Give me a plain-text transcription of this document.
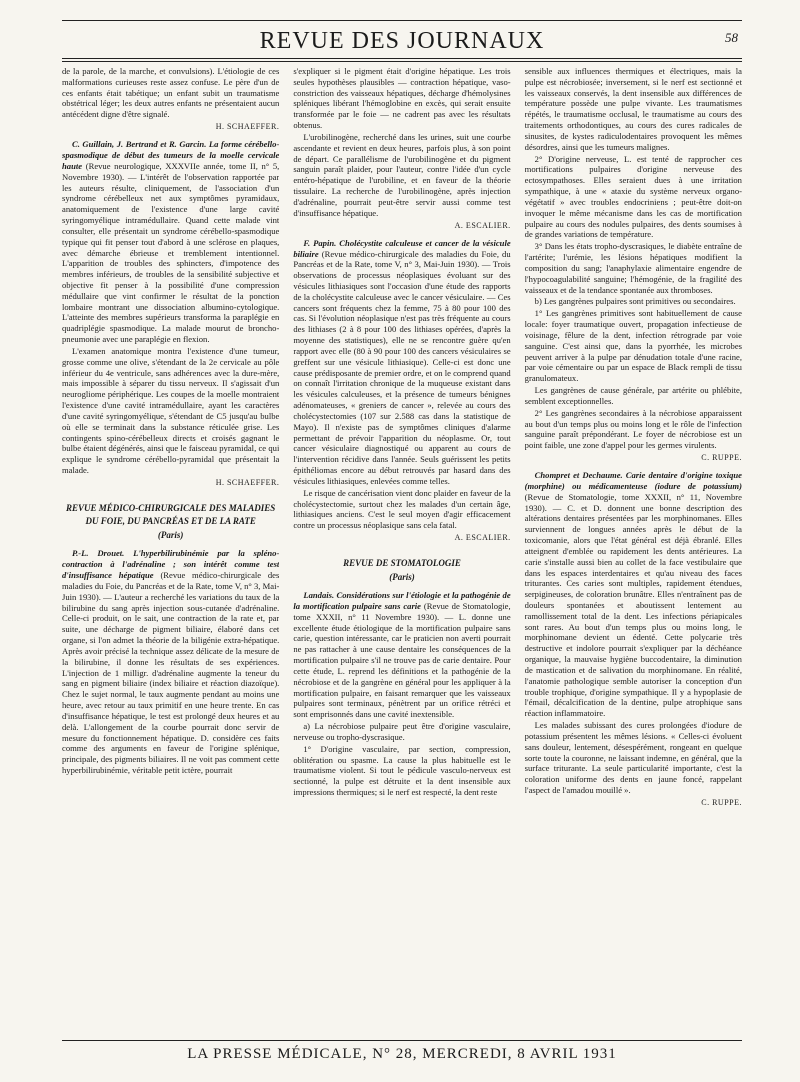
REVUE DES JOURNAUX	58

de la parole, de la marche, et convulsions). L'étiologie de ces malformations curieuses reste assez confuse. Le père d'un de ces enfants était tabétique; un enfant subit un traumatisme obstétrical léger; les deux autres enfants ne présentaient aucun antécédent digne d'être signalé.

H. SCHAEFFER.

C. Guillain, J. Bertrand et R. Garcin. La forme cérébello-spasmodique de début des tumeurs de la moelle cervicale haute (Revue neurologique, XXXVIIe année, tome II, n° 5, Novembre 1930). — L'intérêt de l'observation rapportée par les auteurs résulte, cliniquement, de l'association d'un syndrome cérébelleux net aux symptômes pyramidaux, anatomiquement de l'existence d'une large cavité syringomyélique intramédullaire. Quand cette malade vint consulter, elle présentait un syndrome cérébello-spasmodique typique qui fit penser tout d'abord à une sclérose en plaques, avec démarche ébrieuse et tremblement intentionnel. L'apparition de troubles des sphincters, d'impotence des membres inférieurs, de troubles de la sensibilité subjective et objective fit penser à la possibilité d'une compression médullaire que vint confirmer le résultat de la ponction lombaire montrant une dissociation albumino-cytologique. L'atteinte des membres supérieurs transforma la paraplégie en quadriplégie spasmodique. La malade mourut de broncho-pneumonie avec une paraplégie en flexion.

L'examen anatomique montra l'existence d'une tumeur, grosse comme une olive, s'étendant de la 2e cervicale au pôle inférieur du 4e ventricule, sans adhérences avec la dure-mère, mais impossible à séparer du tissu nerveux. Il s'agissait d'un neurogliome périphérique. Les coupes de la moelle montraient l'existence d'une cavité intramédullaire, ayant les caractères d'une cavité syringomyélique, s'étendant de C5 jusqu'au bulbe où elle se terminait dans la substance réticulée grise. Les contingents spino-cérébelleux directs et croisés gagnant le bulbe étaient dégénérés, ainsi que le faisceau pyramidal, ce qui explique le syndrome cérébello-pyramidal que présentait la malade.

H. SCHAEFFER.
REVUE MÉDICO-CHIRURGICALE DES MALADIES DU FOIE, DU PANCRÉAS ET DE LA RATE
(Paris)

P.-L. Drouet. L'hyperbilirubinémie par la spléno-contraction à l'adrénaline ; son intérêt comme test d'insuffisance hépatique (Revue médico-chirurgicale des maladies du Foie, du Pancréas et de la Rate, tome V, n° 3, Mai-Juin 1930). — L'auteur a recherché les variations du taux de la bilirubine du sang après injection sous-cutanée d'adrénaline. Celle-ci produit, on le sait, une contraction de la rate et, par suite, une décharge de pigment biliaire, élaboré dans cet organe, si l'on admet la théorie de la biligénie extra-hépatique. Après avoir précisé la technique assez délicate de la mesure de la bilirubine, il donne les résultats de ses expériences. L'injection de 1 milligr. d'adrénaline augmente la teneur du sang en pigment biliaire (index biliaire et réaction diazoïque). Chez le sujet normal, le taux augmente pendant au moins une heure, avec retour au taux primitif en une heure trente. En cas d'insuffisance hépatique, le test est prolongé deux heures et au delà. L'allongement de la courbe pourrait donc servir de mesure du fonctionnement hépatique. D. considère ces faits comme des arguments en faveur de l'origine splénique, principale, des pigments biliaires. Il ne voit pas comment cette hyperbilirubinémie, véritable petit ictère, pourrait

s'expliquer si le pigment était d'origine hépatique. Les trois seules hypothèses plausibles — contraction hépatique, vaso-constriction des vaisseaux hépatiques, décharge d'hémolysines spléniques libérant l'hémoglobine en excès, qui serait ensuite transformée par le foie — ne cadrent pas avec les résultats obtenus.

L'urobilinogène, recherché dans les urines, suit une courbe ascendante et revient en deux heures, parfois plus, à son point de départ. Ce parallélisme de l'urobilinogène et du pigment sanguin paraît plaider, pour l'auteur, contre l'idée d'un cycle entéro-hépatique de l'urobiline, et en faveur de la théorie tissulaire. La recherche de l'urobilinogène, après injection d'adrénaline, pourrait peut-être servir aussi comme test d'insuffisance hépatique.

A. ESCALIER.

F. Papin. Cholécystite calculeuse et cancer de la vésicule biliaire (Revue médico-chirurgicale des maladies du Foie, du Pancréas et de la Rate, tome V, n° 3, Mai-Juin 1930). — Trois observations de processus néoplasiques évoluant sur des vésicules lithiasiques sont l'occasion d'une étude des rapports de la cholécystite calculeuse avec le cancer vésiculaire. — Ces cancers sont fréquents chez la femme, 75 à 80 pour 100 des cas. Si l'évolution néoplasique n'est pas très fréquente au cours des lithiases (2 à 8 pour 100 des lithiases opérées, d'après la moyenne des statistiques), elle ne se rencontre guère qu'en rapport avec elle (80 à 90 pour 100 des cancers vésiculaires se greffent sur une vésicule lithiasique). Celle-ci est donc une cause prédisposante de premier ordre, et on le comprend quand on connaît l'irritation chronique de la muqueuse existant dans les vésicules calculeuses, et la présence de tumeurs bénignes adénomateuses, « greniers de cancer », relevée au cours des cholécystectomies (107 sur 2.588 cas dans la statistique de Mayo). Il n'existe pas de symptômes cliniques d'alarme permettant de prévoir l'apparition du néoplasme. Or, tout cancer vésiculaire diagnostiqué ou apparent au cours de l'intervention récidive dans l'année. Seuls guérissent les petits épithéliomas encore au début retrouvés par hasard dans des vésicules lithiasiques, enlevées comme telles.

Le risque de cancérisation vient donc plaider en faveur de la cholécystectomie, surtout chez les malades d'un certain âge, lithiasiques anciens. C'est le seul moyen d'agir efficacement contre un processus néoplasique sans cela fatal.

A. ESCALIER.
REVUE DE STOMATOLOGIE
(Paris)

Landais. Considérations sur l'étiologie et la pathogénie de la mortification pulpaire sans carie (Revue de Stomatologie, tome XXXII, n° 11 Novembre 1930). — L. donne une excellente étude étiologique de la mortification pulpaire sans carie, question intéressante, car le praticien non averti pourrait ne pas rattacher à une cause dentaire les conséquences de la mortification pulpaire s'il ne trouve pas de carie dentaire. Pour cette étude, L. reprend les définitions et la pathogénie de la nécrobiose et de la gangrène en général pour les appliquer à la mortification pulpaire, en faisant remarquer que les vaisseaux pulpaires sont terminaux, pénètrent par un orifice rétréci et sont emprisonnés dans une cavité inextensible.

a) La nécrobiose pulpaire peut être d'origine vasculaire, nerveuse ou tropho-dyscrasique.

1° D'origine vasculaire, par section, compression, oblitération ou spasme. La cause la plus habituelle est le traumatisme violent. Si tout le pédicule vasculo-nerveux est sectionné, la pulpe est détruite et la dent insensible aux impressions thermiques; si le nerf est respecté, la dent reste

sensible aux influences thermiques et électriques, mais la pulpe est nécrobiosée; inversement, si le nerf est sectionné et les vaisseaux conservés, la dent insensible aux différences de température possède une pulpe vivante. Les traumatismes répétés, le traumatisme occlusal, le traumatisme au cours des traitements orthodontiques, au cours des cures radicales de sinusites, de kystes radiculodentaires provoquent les mêmes désordres, ainsi que les tumeurs malignes.

2° D'origine nerveuse, L. est tenté de rapprocher ces mortifications pulpaires d'origine nerveuse des ectosympathoses. Elles seraient dues à une irritation sympathique, à une « ataxie du système nerveux organo-végétatif » avec troubles endocriniens ; peut-être doit-on invoquer le même mécanisme dans les cas de mortification pulpaire au cours des nodules pulpaires, des dents soumises à de grandes variations de température.

3° Dans les états tropho-dyscrasiques, le diabète entraîne de l'artérite; l'urémie, les lésions hépatiques modifient la composition du sang; l'anaphylaxie alimentaire engendre de l'hypocoagulabilité sanguine; l'hémogénie, de la fragilité des vaisseaux et de la tendance spontanée aux thromboses.

b) Les gangrènes pulpaires sont primitives ou secondaires.

1° Les gangrènes primitives sont habituellement de cause locale: foyer traumatique ouvert, propagation infectieuse de voisinage, fêlure de la dent, infection rétrograde par voie sanguine. C'est ainsi que, dans la pyorrhée, les microbes peuvent arriver à la pulpe par dénudation totale d'une racine, par voie cémentaire ou par un espace de Black rempli de tissu granulomateux.

Les gangrènes de cause générale, par artérite ou phlébite, semblent exceptionnelles.

2° Les gangrènes secondaires à la nécrobiose apparaissent au bout d'un temps plus ou moins long et le rôle de l'infection sanguine paraît prépondérant. Le foyer de nécrobiose est un point faible, une zone d'appel pour les germes virulents.

C. RUPPE.

Chompret et Dechaume. Carie dentaire d'origine toxique (morphine) ou médicamenteuse (iodure de potassium) (Revue de Stomatologie, tome XXXII, n° 11, Novembre 1930). — C. et D. donnent une bonne description des altérations dentaires présentées par les morphinomanes. Elles surviennent de longues années après le début de la toxicomanie, alors que l'état général est déjà ébranlé. Elles atteignent d'emblée ou rapidement les dents antérieures. La carie s'installe aussi bien au collet de la face vestibulaire que dans les espaces interdentaires et qu'au niveau des faces triturantes. Ces caries sont multiples, rapidement étendues, serpigineuses, de coloration brunâtre. Elles n'entraînent pas de douleurs spontanées et aboutissent lentement au ramollissement total de la dent. Les infections périapicales sont rares. Au bout d'un temps plus ou moins long, le morphinomane devient un édenté. Cette polycarie très destructive et indolore pourrait s'expliquer par la déchéance organique, la mauvaise hygiène buccodentaire, la diminution de mastication et de salivation du morphinomane. En réalité, l'anatomie pathologique semble autoriser la conception d'un trouble trophique, d'origine sympathique. Il y a hypoplasie de l'émail, décalcification de la dentine, pulpe atrophique sans réaction inflammatoire.

Les malades subissant des cures prolongées d'iodure de potassium présentent les mêmes lésions. « Celles-ci évoluent sans douleur, lentement, désespérément, rongeant en quelque sorte toute la couronne, ne laissant indemne, en général, que la surface triturante. La seule particularité importante, c'est la coloration uniforme des dents en jaune foncé, rappelant l'aspect de l'amadou mouillé ».

C. RUPPE.
LA PRESSE MÉDICALE, N° 28, MERCREDI, 8 AVRIL 1931
